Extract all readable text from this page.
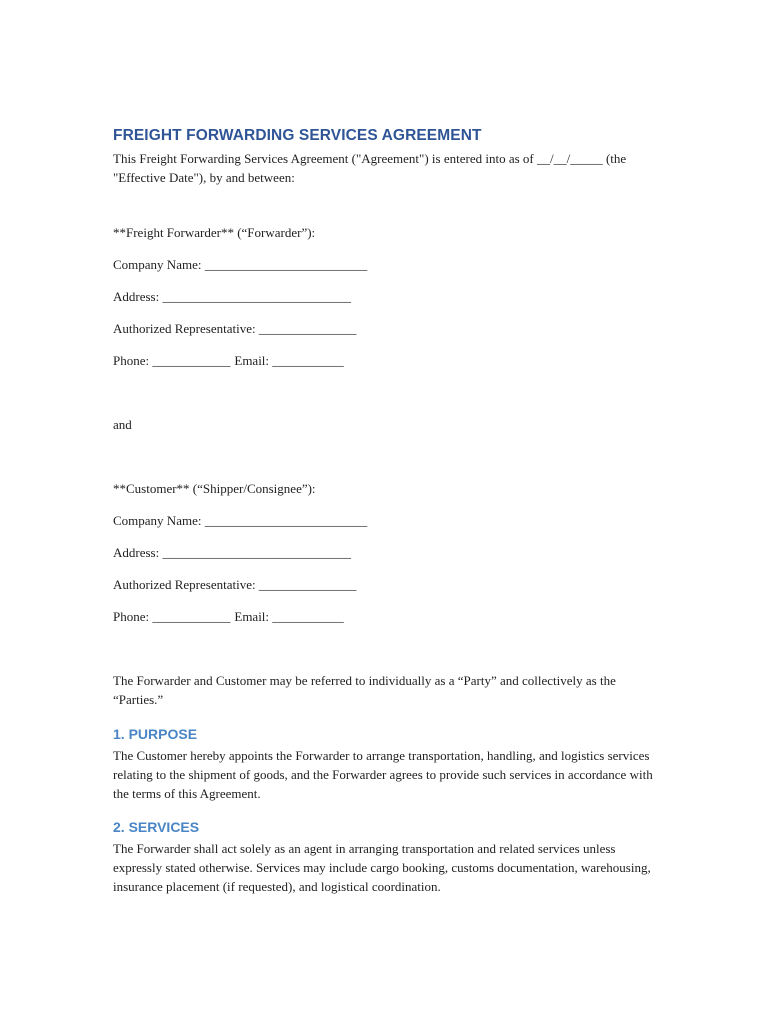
FREIGHT FORWARDING SERVICES AGREEMENT

This Freight Forwarding Services Agreement ("Agreement") is entered into as of __/__/_____ (the "Effective Date"), by and between:

**Freight Forwarder** (“Forwarder”):

Company Name: _________________________

Address: _____________________________

Authorized Representative: _______________

Phone: ____________ Email: ___________

and

**Customer** (“Shipper/Consignee”):

Company Name: _________________________

Address: _____________________________

Authorized Representative: _______________

Phone: ____________ Email: ___________

The Forwarder and Customer may be referred to individually as a “Party” and collectively as the “Parties.”

1. PURPOSE

The Customer hereby appoints the Forwarder to arrange transportation, handling, and logistics services relating to the shipment of goods, and the Forwarder agrees to provide such services in accordance with the terms of this Agreement.

2. SERVICES

The Forwarder shall act solely as an agent in arranging transportation and related services unless expressly stated otherwise. Services may include cargo booking, customs documentation, warehousing, insurance placement (if requested), and logistical coordination.
